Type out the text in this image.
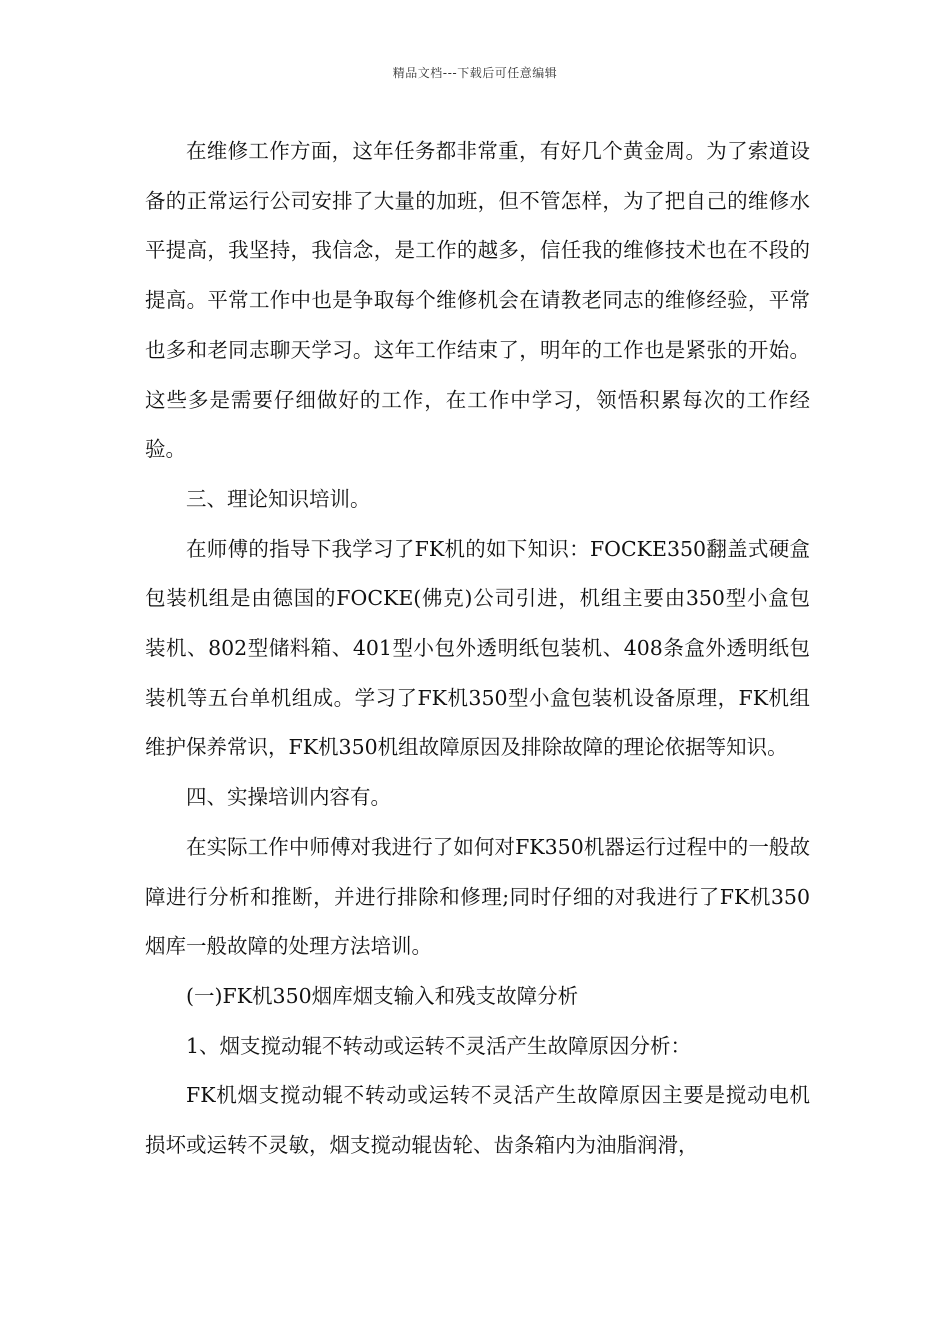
精品文档---下载后可任意编辑

在维修工作方面，这年任务都非常重，有好几个黄金周。为了索道设备的正常运行公司安排了大量的加班，但不管怎样，为了把自己的维修水平提高，我坚持，我信念，是工作的越多，信任我的维修技术也在不段的提高。平常工作中也是争取每个维修机会在请教老同志的维修经验，平常也多和老同志聊天学习。这年工作结束了，明年的工作也是紧张的开始。这些多是需要仔细做好的工作，在工作中学习，领悟积累每次的工作经验。

三、理论知识培训。

在师傅的指导下我学习了FK机的如下知识：FOCKE350翻盖式硬盒包装机组是由德国的FOCKE(佛克)公司引进，机组主要由350型小盒包装机、802型储料箱、401型小包外透明纸包装机、408条盒外透明纸包装机等五台单机组成。学习了FK机350型小盒包装机设备原理，FK机组维护保养常识，FK机350机组故障原因及排除故障的理论依据等知识。

四、实操培训内容有。

在实际工作中师傅对我进行了如何对FK350机器运行过程中的一般故障进行分析和推断，并进行排除和修理;同时仔细的对我进行了FK机350烟库一般故障的处理方法培训。

(一)FK机350烟库烟支输入和残支故障分析

1、烟支搅动辊不转动或运转不灵活产生故障原因分析：

FK机烟支搅动辊不转动或运转不灵活产生故障原因主要是搅动电机损坏或运转不灵敏，烟支搅动辊齿轮、齿条箱内为油脂润滑，
